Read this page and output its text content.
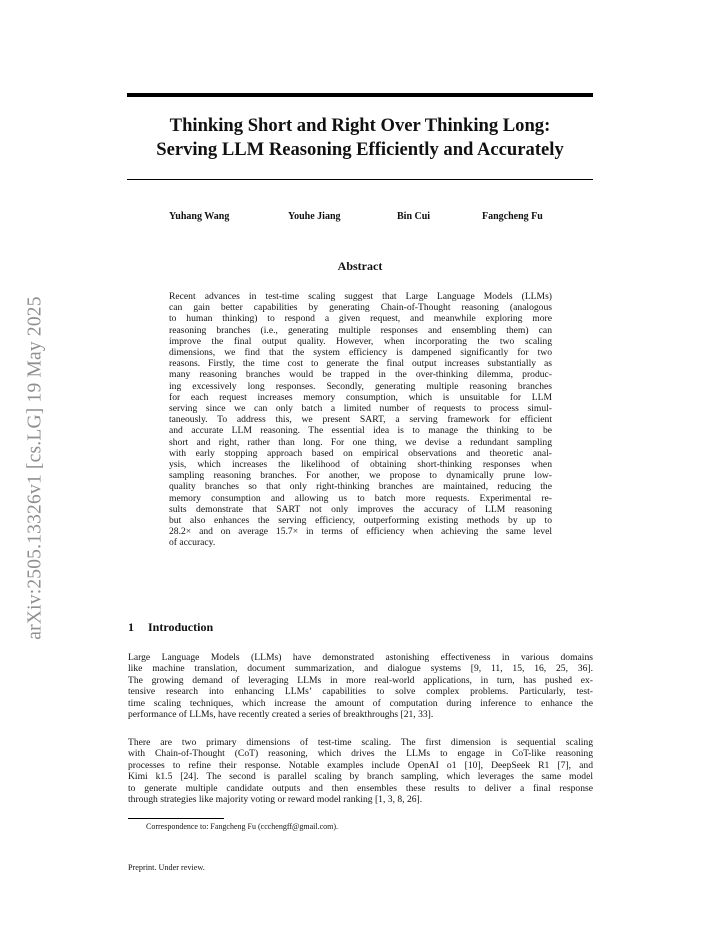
arXiv:2505.13326v1 [cs.LG] 19 May 2025
Thinking Short and Right Over Thinking Long:
Serving LLM Reasoning Efficiently and Accurately
Yuhang Wang	Youhe Jiang	Bin Cui	Fangcheng Fu
Abstract
Recent advances in test-time scaling suggest that Large Language Models (LLMs)
can gain better capabilities by generating Chain-of-Thought reasoning (analogous
to human thinking) to respond a given request, and meanwhile exploring more
reasoning branches (i.e., generating multiple responses and ensembling them) can
improve the final output quality. However, when incorporating the two scaling
dimensions, we find that the system efficiency is dampened significantly for two
reasons. Firstly, the time cost to generate the final output increases substantially as
many reasoning branches would be trapped in the over-thinking dilemma, produc-
ing excessively long responses. Secondly, generating multiple reasoning branches
for each request increases memory consumption, which is unsuitable for LLM
serving since we can only batch a limited number of requests to process simul-
taneously. To address this, we present SART, a serving framework for efficient
and accurate LLM reasoning. The essential idea is to manage the thinking to be
short and right, rather than long. For one thing, we devise a redundant sampling
with early stopping approach based on empirical observations and theoretic anal-
ysis, which increases the likelihood of obtaining short-thinking responses when
sampling reasoning branches. For another, we propose to dynamically prune low-
quality branches so that only right-thinking branches are maintained, reducing the
memory consumption and allowing us to batch more requests. Experimental re-
sults demonstrate that SART not only improves the accuracy of LLM reasoning
but also enhances the serving efficiency, outperforming existing methods by up to
28.2× and on average 15.7× in terms of efficiency when achieving the same level
of accuracy.
1 Introduction
Large Language Models (LLMs) have demonstrated astonishing effectiveness in various domains
like machine translation, document summarization, and dialogue systems [9, 11, 15, 16, 25, 36].
The growing demand of leveraging LLMs in more real-world applications, in turn, has pushed ex-
tensive research into enhancing LLMs’ capabilities to solve complex problems. Particularly, test-
time scaling techniques, which increase the amount of computation during inference to enhance the
performance of LLMs, have recently created a series of breakthroughs [21, 33].
There are two primary dimensions of test-time scaling. The first dimension is sequential scaling
with Chain-of-Thought (CoT) reasoning, which drives the LLMs to engage in CoT-like reasoning
processes to refine their response. Notable examples include OpenAI o1 [10], DeepSeek R1 [7], and
Kimi k1.5 [24]. The second is parallel scaling by branch sampling, which leverages the same model
to generate multiple candidate outputs and then ensembles these results to deliver a final response
through strategies like majority voting or reward model ranking [1, 3, 8, 26].

Correspondence to: Fangcheng Fu (ccchengff@gmail.com).

Preprint. Under review.
